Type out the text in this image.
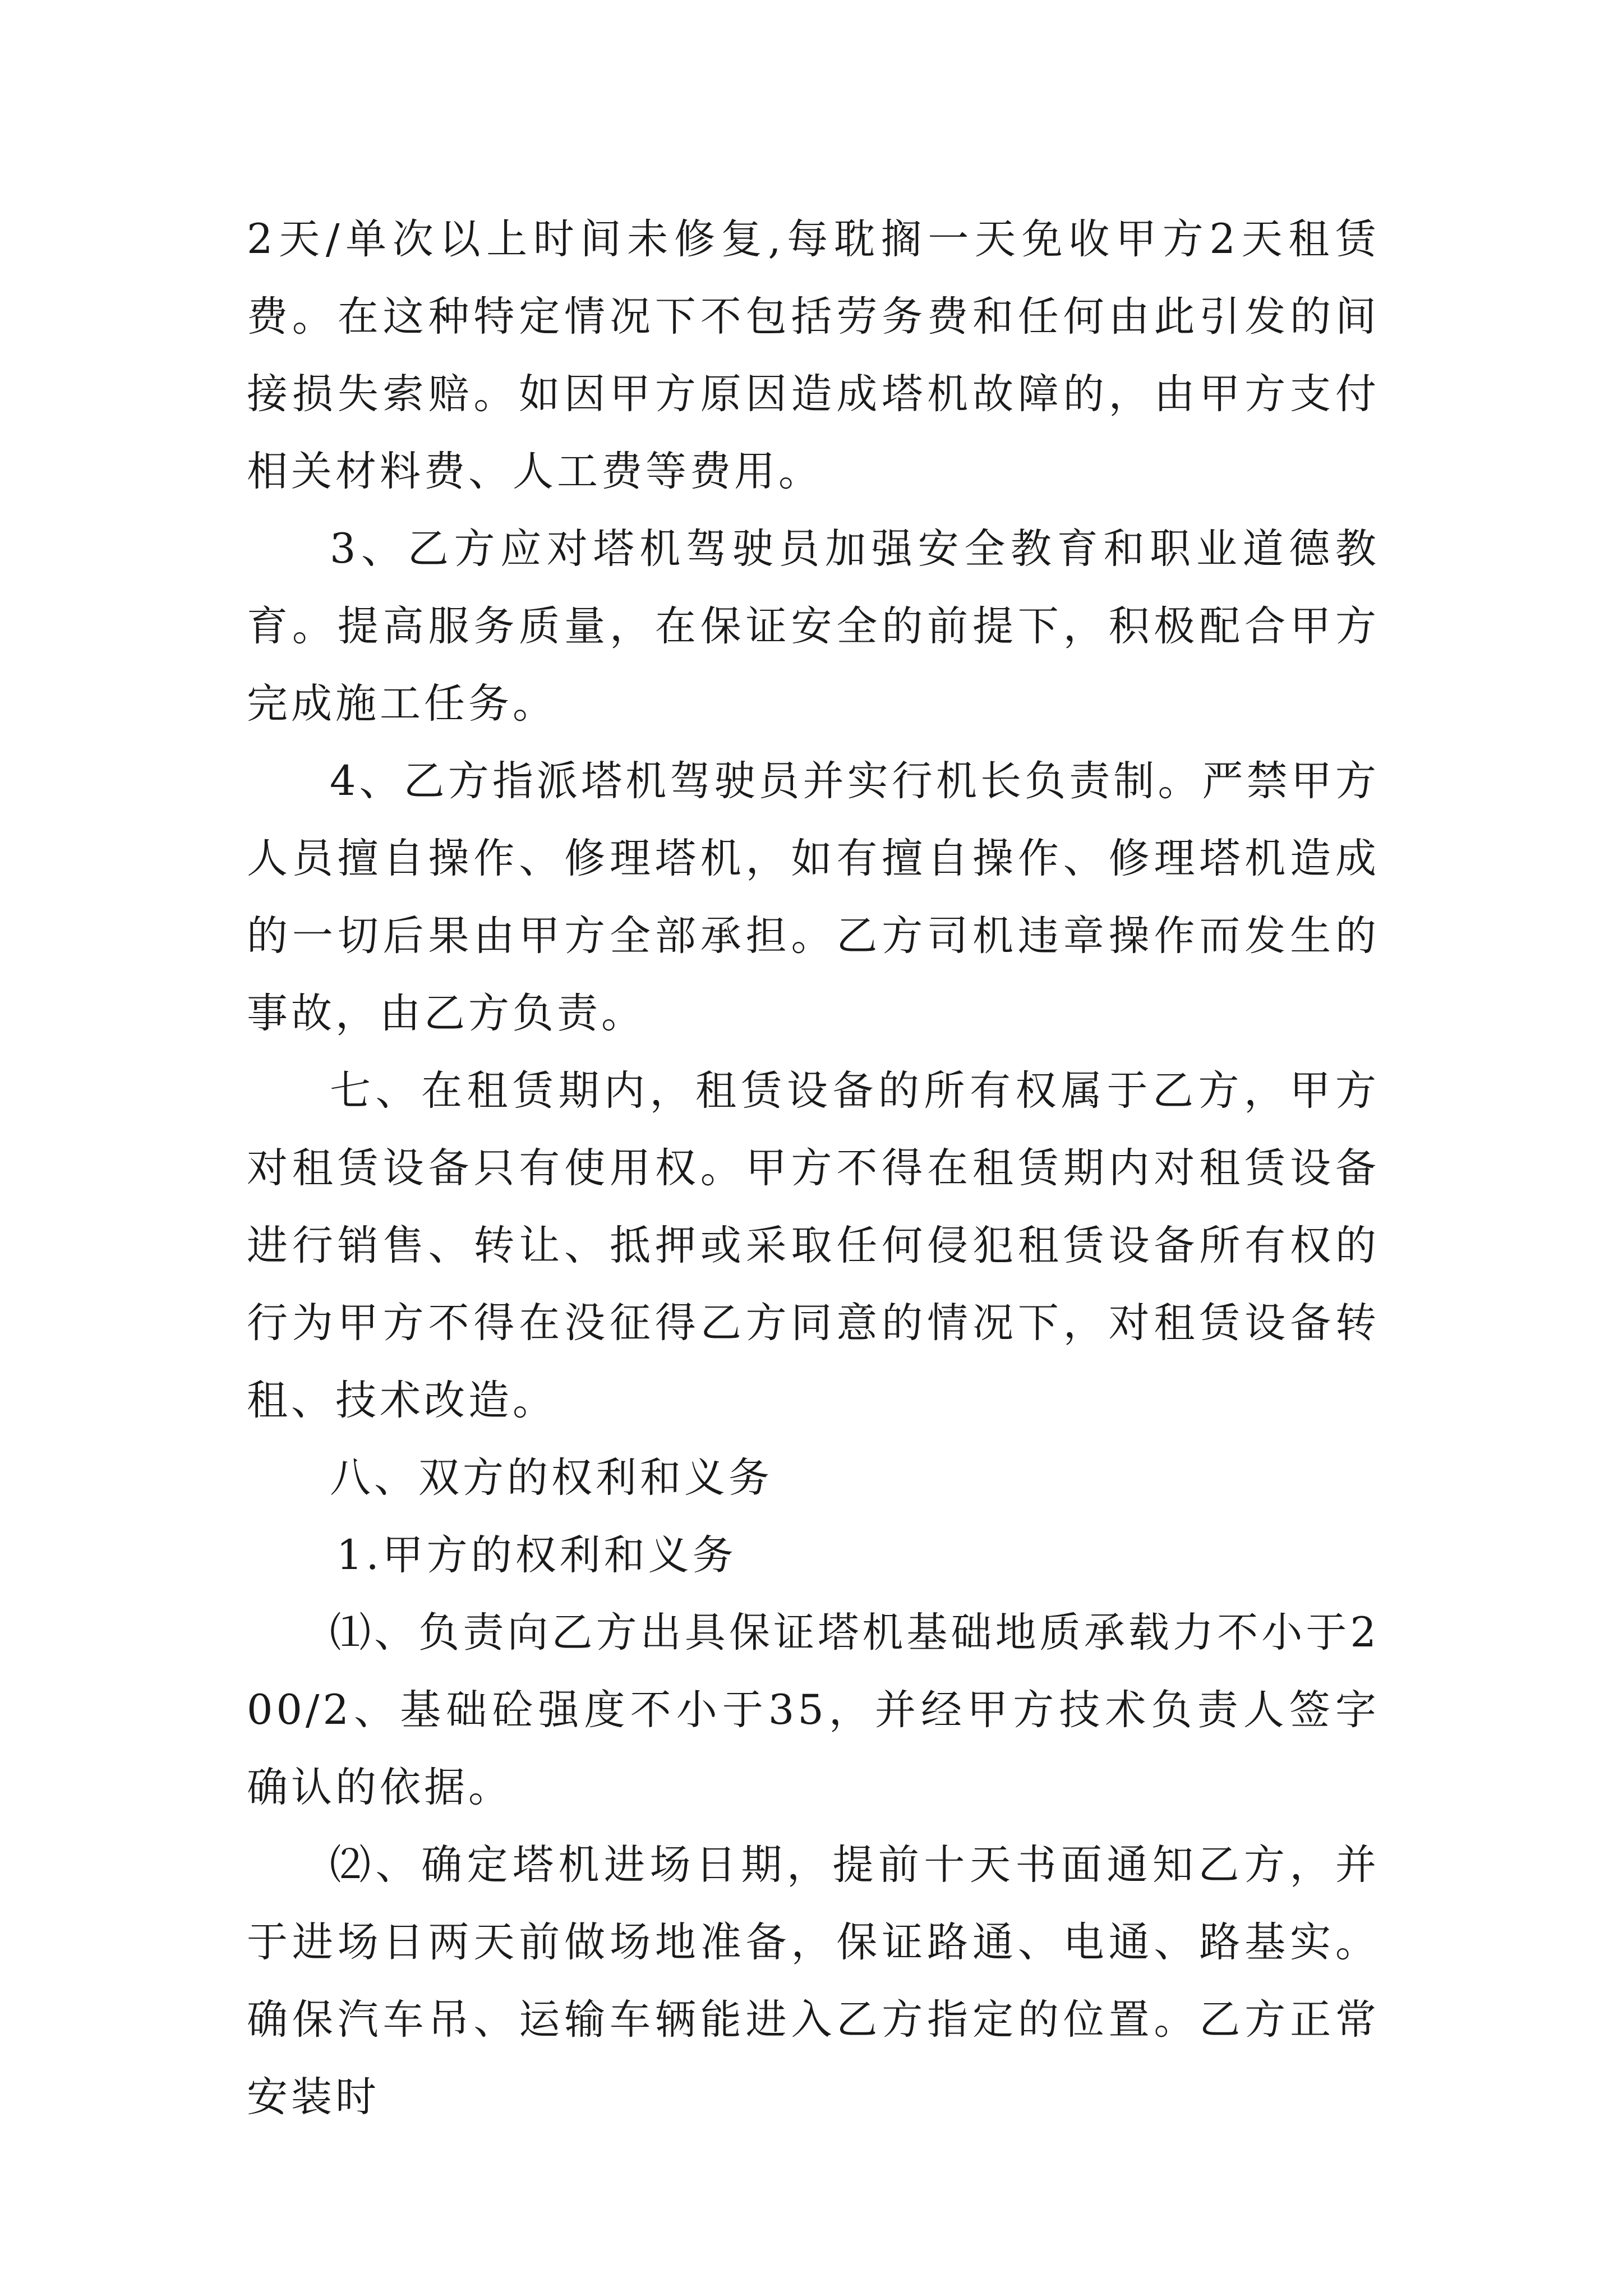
2天/单次以上时间未修复,每耽搁一天免收甲方2天租赁费。在这种特定情况下不包括劳务费和任何由此引发的间接损失索赔。如因甲方原因造成塔机故障的，由甲方支付相关材料费、人工费等费用。

3、乙方应对塔机驾驶员加强安全教育和职业道德教育。提高服务质量，在保证安全的前提下，积极配合甲方完成施工任务。

4、乙方指派塔机驾驶员并实行机长负责制。严禁甲方人员擅自操作、修理塔机，如有擅自操作、修理塔机造成的一切后果由甲方全部承担。乙方司机违章操作而发生的事故，由乙方负责。

七、在租赁期内，租赁设备的所有权属于乙方，甲方对租赁设备只有使用权。甲方不得在租赁期内对租赁设备进行销售、转让、抵押或采取任何侵犯租赁设备所有权的行为甲方不得在没征得乙方同意的情况下，对租赁设备转租、技术改造。

八、双方的权利和义务

1.甲方的权利和义务

⑴、负责向乙方出具保证塔机基础地质承载力不小于200/2、基础砼强度不小于35，并经甲方技术负责人签字确认的依据。

⑵、确定塔机进场日期，提前十天书面通知乙方，并于进场日两天前做场地准备，保证路通、电通、路基实。确保汽车吊、运输车辆能进入乙方指定的位置。乙方正常安装时
